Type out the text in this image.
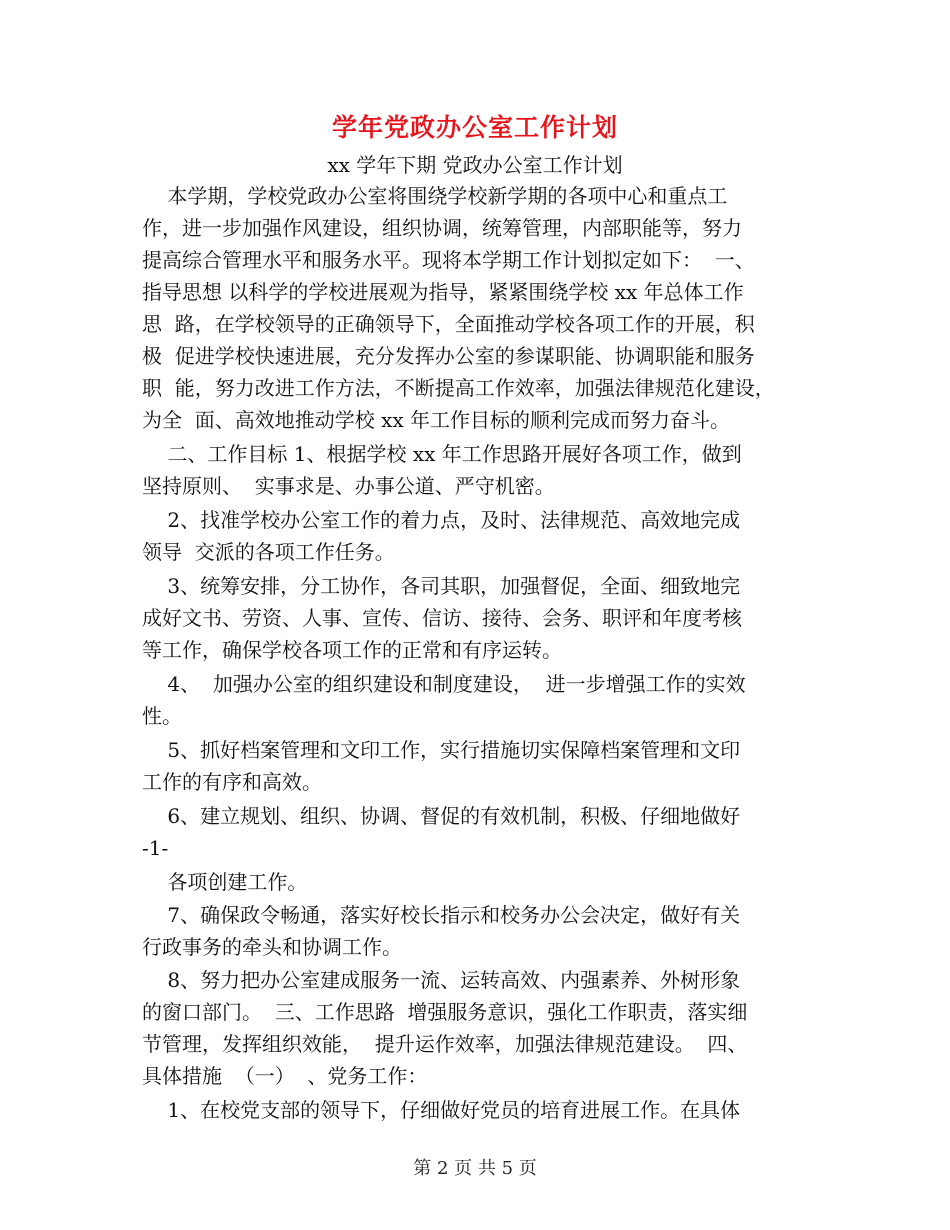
学年党政办公室工作计划
xx 学年下期 党政办公室工作计划
本学期，学校党政办公室将围绕学校新学期的各项中心和重点工
作，进一步加强作风建设，组织协调，统筹管理，内部职能等，努力
提高综合管理水平和服务水平。现将本学期工作计划拟定如下：  一、
指导思想 以科学的学校进展观为指导，紧紧围绕学校 xx 年总体工作
思  路，在学校领导的正确领导下，全面推动学校各项工作的开展，积
极  促进学校快速进展，充分发挥办公室的参谋职能、协调职能和服务
职  能，努力改进工作方法，不断提高工作效率，加强法律规范化建设，
为全  面、高效地推动学校 xx 年工作目标的顺利完成而努力奋斗。
二、工作目标 1、根据学校 xx 年工作思路开展好各项工作，做到
坚持原则、  实事求是、办事公道、严守机密。
2、找准学校办公室工作的着力点，及时、法律规范、高效地完成
领导  交派的各项工作任务。
3、统筹安排，分工协作，各司其职，加强督促，全面、细致地完
成好文书、劳资、人事、宣传、信访、接待、会务、职评和年度考核
等工作，确保学校各项工作的正常和有序运转。
4、  加强办公室的组织建设和制度建设，  进一步增强工作的实效
性。
5、抓好档案管理和文印工作，实行措施切实保障档案管理和文印
工作的有序和高效。
6、建立规划、组织、协调、督促的有效机制，积极、仔细地做好
-1-
各项创建工作。
7、确保政令畅通，落实好校长指示和校务办公会决定，做好有关
行政事务的牵头和协调工作。
8、努力把办公室建成服务一流、运转高效、内强素养、外树形象
的窗口部门。  三、工作思路  增强服务意识，强化工作职责，落实细
节管理，发挥组织效能，  提升运作效率，加强法律规范建设。  四、
具体措施  （一）  、党务工作：
1、在校党支部的领导下，仔细做好党员的培育进展工作。在具体
第 2 页 共 5 页
